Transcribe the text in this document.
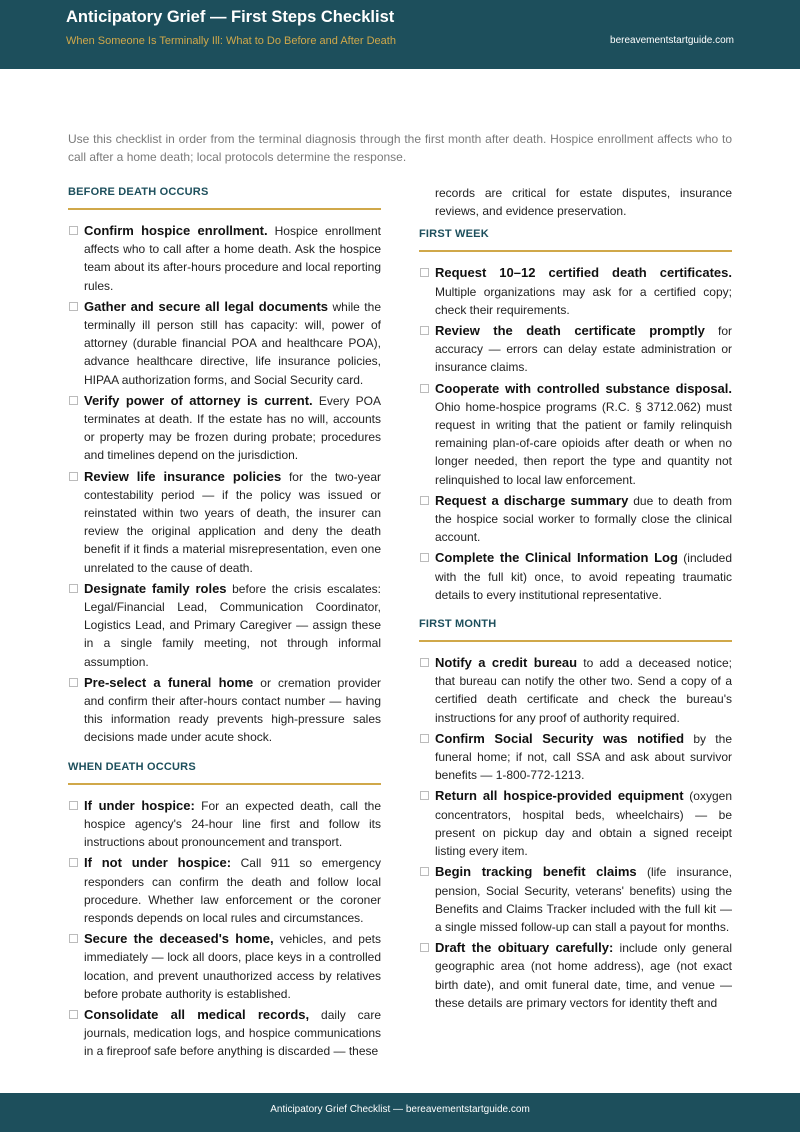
Anticipatory Grief — First Steps Checklist
When Someone Is Terminally Ill: What to Do Before and After Death	bereavementstartguide.com
Use this checklist in order from the terminal diagnosis through the first month after death. Hospice enrollment affects who to call after a home death; local protocols determine the response.
BEFORE DEATH OCCURS
Confirm hospice enrollment. Hospice enrollment affects who to call after a home death. Ask the hospice team about its after-hours procedure and local reporting rules.
Gather and secure all legal documents while the terminally ill person still has capacity: will, power of attorney (durable financial POA and healthcare POA), advance healthcare directive, life insurance policies, HIPAA authorization forms, and Social Security card.
Verify power of attorney is current. Every POA terminates at death. If the estate has no will, accounts or property may be frozen during probate; procedures and timelines depend on the jurisdiction.
Review life insurance policies for the two-year contestability period — if the policy was issued or reinstated within two years of death, the insurer can review the original application and deny the death benefit if it finds a material misrepresentation, even one unrelated to the cause of death.
Designate family roles before the crisis escalates: Legal/Financial Lead, Communication Coordinator, Logistics Lead, and Primary Caregiver — assign these in a single family meeting, not through informal assumption.
Pre-select a funeral home or cremation provider and confirm their after-hours contact number — having this information ready prevents high-pressure sales decisions made under acute shock.
WHEN DEATH OCCURS
If under hospice: For an expected death, call the hospice agency's 24-hour line first and follow its instructions about pronouncement and transport.
If not under hospice: Call 911 so emergency responders can confirm the death and follow local procedure. Whether law enforcement or the coroner responds depends on local rules and circumstances.
Secure the deceased's home, vehicles, and pets immediately — lock all doors, place keys in a controlled location, and prevent unauthorized access by relatives before probate authority is established.
Consolidate all medical records, daily care journals, medication logs, and hospice communications in a fireproof safe before anything is discarded — these
records are critical for estate disputes, insurance reviews, and evidence preservation.
FIRST WEEK
Request 10–12 certified death certificates. Multiple organizations may ask for a certified copy; check their requirements.
Review the death certificate promptly for accuracy — errors can delay estate administration or insurance claims.
Cooperate with controlled substance disposal. Ohio home-hospice programs (R.C. § 3712.062) must request in writing that the patient or family relinquish remaining plan-of-care opioids after death or when no longer needed, then report the type and quantity not relinquished to local law enforcement.
Request a discharge summary due to death from the hospice social worker to formally close the clinical account.
Complete the Clinical Information Log (included with the full kit) once, to avoid repeating traumatic details to every institutional representative.
FIRST MONTH
Notify a credit bureau to add a deceased notice; that bureau can notify the other two. Send a copy of a certified death certificate and check the bureau's instructions for any proof of authority required.
Confirm Social Security was notified by the funeral home; if not, call SSA and ask about survivor benefits — 1-800-772-1213.
Return all hospice-provided equipment (oxygen concentrators, hospital beds, wheelchairs) — be present on pickup day and obtain a signed receipt listing every item.
Begin tracking benefit claims (life insurance, pension, Social Security, veterans' benefits) using the Benefits and Claims Tracker included with the full kit — a single missed follow-up can stall a payout for months.
Draft the obituary carefully: include only general geographic area (not home address), age (not exact birth date), and omit funeral date, time, and venue — these details are primary vectors for identity theft and
Anticipatory Grief Checklist — bereavementstartguide.com
